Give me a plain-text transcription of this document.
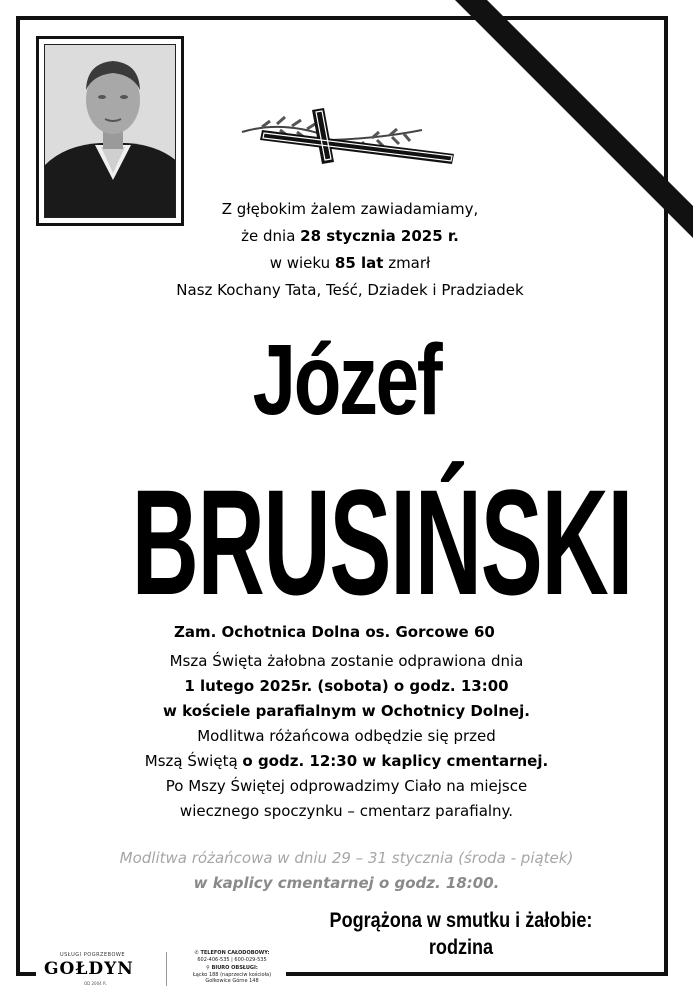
Z głębokim żalem zawiadamiamy,
że dnia 28 stycznia 2025 r.
w wieku 85 lat zmarł
Nasz Kochany Tata, Teść, Dziadek i Pradziadek
Józef
BRUSIŃSKI
Zam. Ochotnica Dolna os. Gorcowe 60
Msza Święta żałobna zostanie odprawiona dnia
1 lutego 2025r. (sobota) o godz. 13:00
w kościele parafialnym w Ochotnicy Dolnej.
Modlitwa różańcowa odbędzie się przed
Mszą Świętą o godz. 12:30 w kaplicy cmentarnej.
Po Mszy Świętej odprowadzimy Ciało na miejsce
wiecznego spoczynku – cmentarz parafialny.
Modlitwa różańcowa w dniu 29 – 31 stycznia (środa - piątek)
w kaplicy cmentarnej o godz. 18:00.
Pogrążona w smutku i żałobie:
rodzina
USŁUGI POGRZEBOWE
GOŁDYN
OD 2004 R.
✆ TELEFON CAŁODOBOWY:
602-406-535 | 600-029-535
⚲ BIURO OBSŁUGI:
Łącko 188 (naprzeciw kościoła)
Gołkowice Górne 148
